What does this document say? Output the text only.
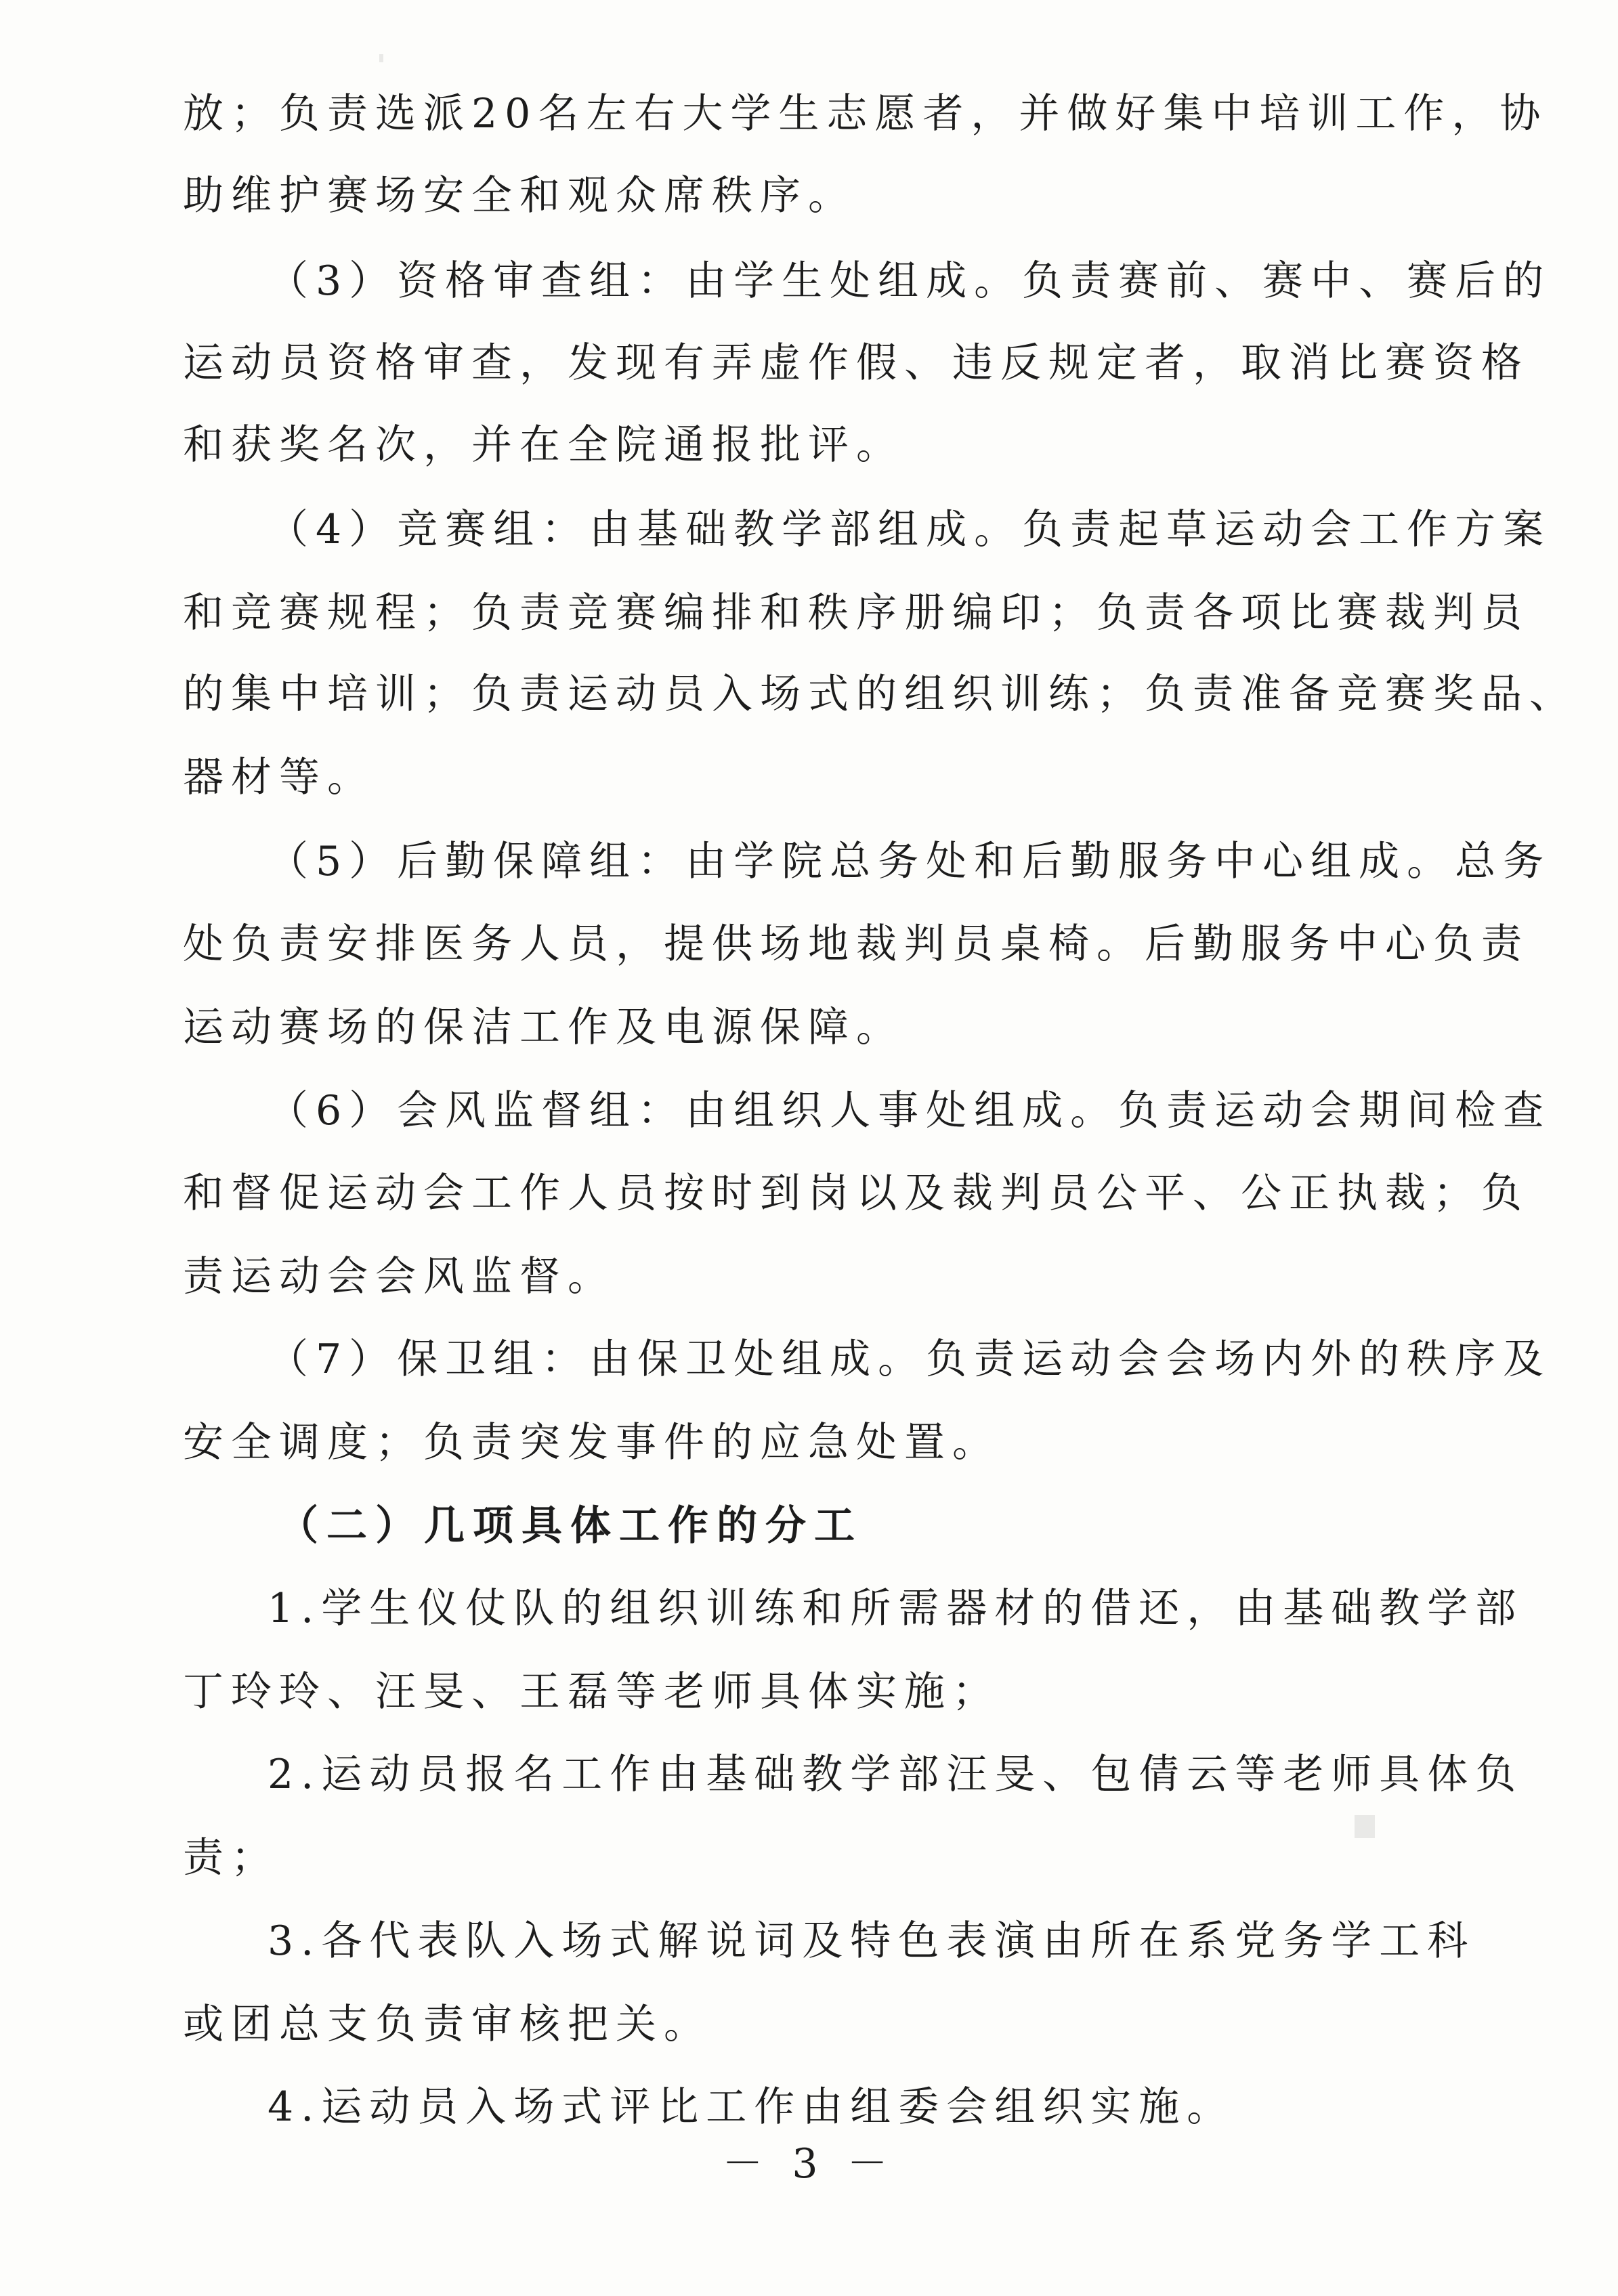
放；负责选派20名左右大学生志愿者，并做好集中培训工作，协
助维护赛场安全和观众席秩序。
（3）资格审查组：由学生处组成。负责赛前、赛中、赛后的
运动员资格审查，发现有弄虚作假、违反规定者，取消比赛资格
和获奖名次，并在全院通报批评。
（4）竞赛组：由基础教学部组成。负责起草运动会工作方案
和竞赛规程；负责竞赛编排和秩序册编印；负责各项比赛裁判员
的集中培训；负责运动员入场式的组织训练；负责准备竞赛奖品、
器材等。
（5）后勤保障组：由学院总务处和后勤服务中心组成。总务
处负责安排医务人员，提供场地裁判员桌椅。后勤服务中心负责
运动赛场的保洁工作及电源保障。
（6）会风监督组：由组织人事处组成。负责运动会期间检查
和督促运动会工作人员按时到岗以及裁判员公平、公正执裁；负
责运动会会风监督。
（7）保卫组：由保卫处组成。负责运动会会场内外的秩序及
安全调度；负责突发事件的应急处置。
（二）几项具体工作的分工
1.学生仪仗队的组织训练和所需器材的借还，由基础教学部
丁玲玲、汪旻、王磊等老师具体实施；
2.运动员报名工作由基础教学部汪旻、包倩云等老师具体负
责；
3.各代表队入场式解说词及特色表演由所在系党务学工科
或团总支负责审核把关。
4.运动员入场式评比工作由组委会组织实施。
－ 3 －
